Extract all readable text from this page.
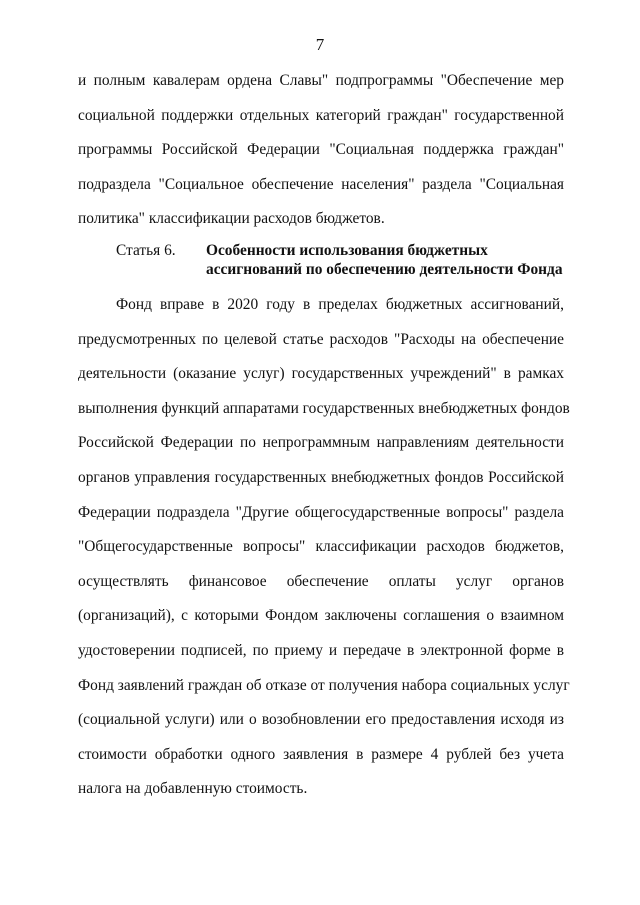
7
и полным кавалерам ордена Славы" подпрограммы "Обеспечение мер
социальной поддержки отдельных категорий граждан" государственной
программы Российской Федерации "Социальная поддержка граждан"
подраздела "Социальное обеспечение населения" раздела "Социальная
политика" классификации расходов бюджетов.
Статья 6. Особенности использования бюджетных
ассигнований по обеспечению деятельности Фонда
Фонд вправе в 2020 году в пределах бюджетных ассигнований,
предусмотренных по целевой статье расходов "Расходы на обеспечение
деятельности (оказание услуг) государственных учреждений" в рамках
выполнения функций аппаратами государственных внебюджетных фондов
Российской Федерации по непрограммным направлениям деятельности
органов управления государственных внебюджетных фондов Российской
Федерации подраздела "Другие общегосударственные вопросы" раздела
"Общегосударственные вопросы" классификации расходов бюджетов,
осуществлять финансовое обеспечение оплаты услуг органов
(организаций), с которыми Фондом заключены соглашения о взаимном
удостоверении подписей, по приему и передаче в электронной форме в
Фонд заявлений граждан об отказе от получения набора социальных услуг
(социальной услуги) или о возобновлении его предоставления исходя из
стоимости обработки одного заявления в размере 4 рублей без учета
налога на добавленную стоимость.
